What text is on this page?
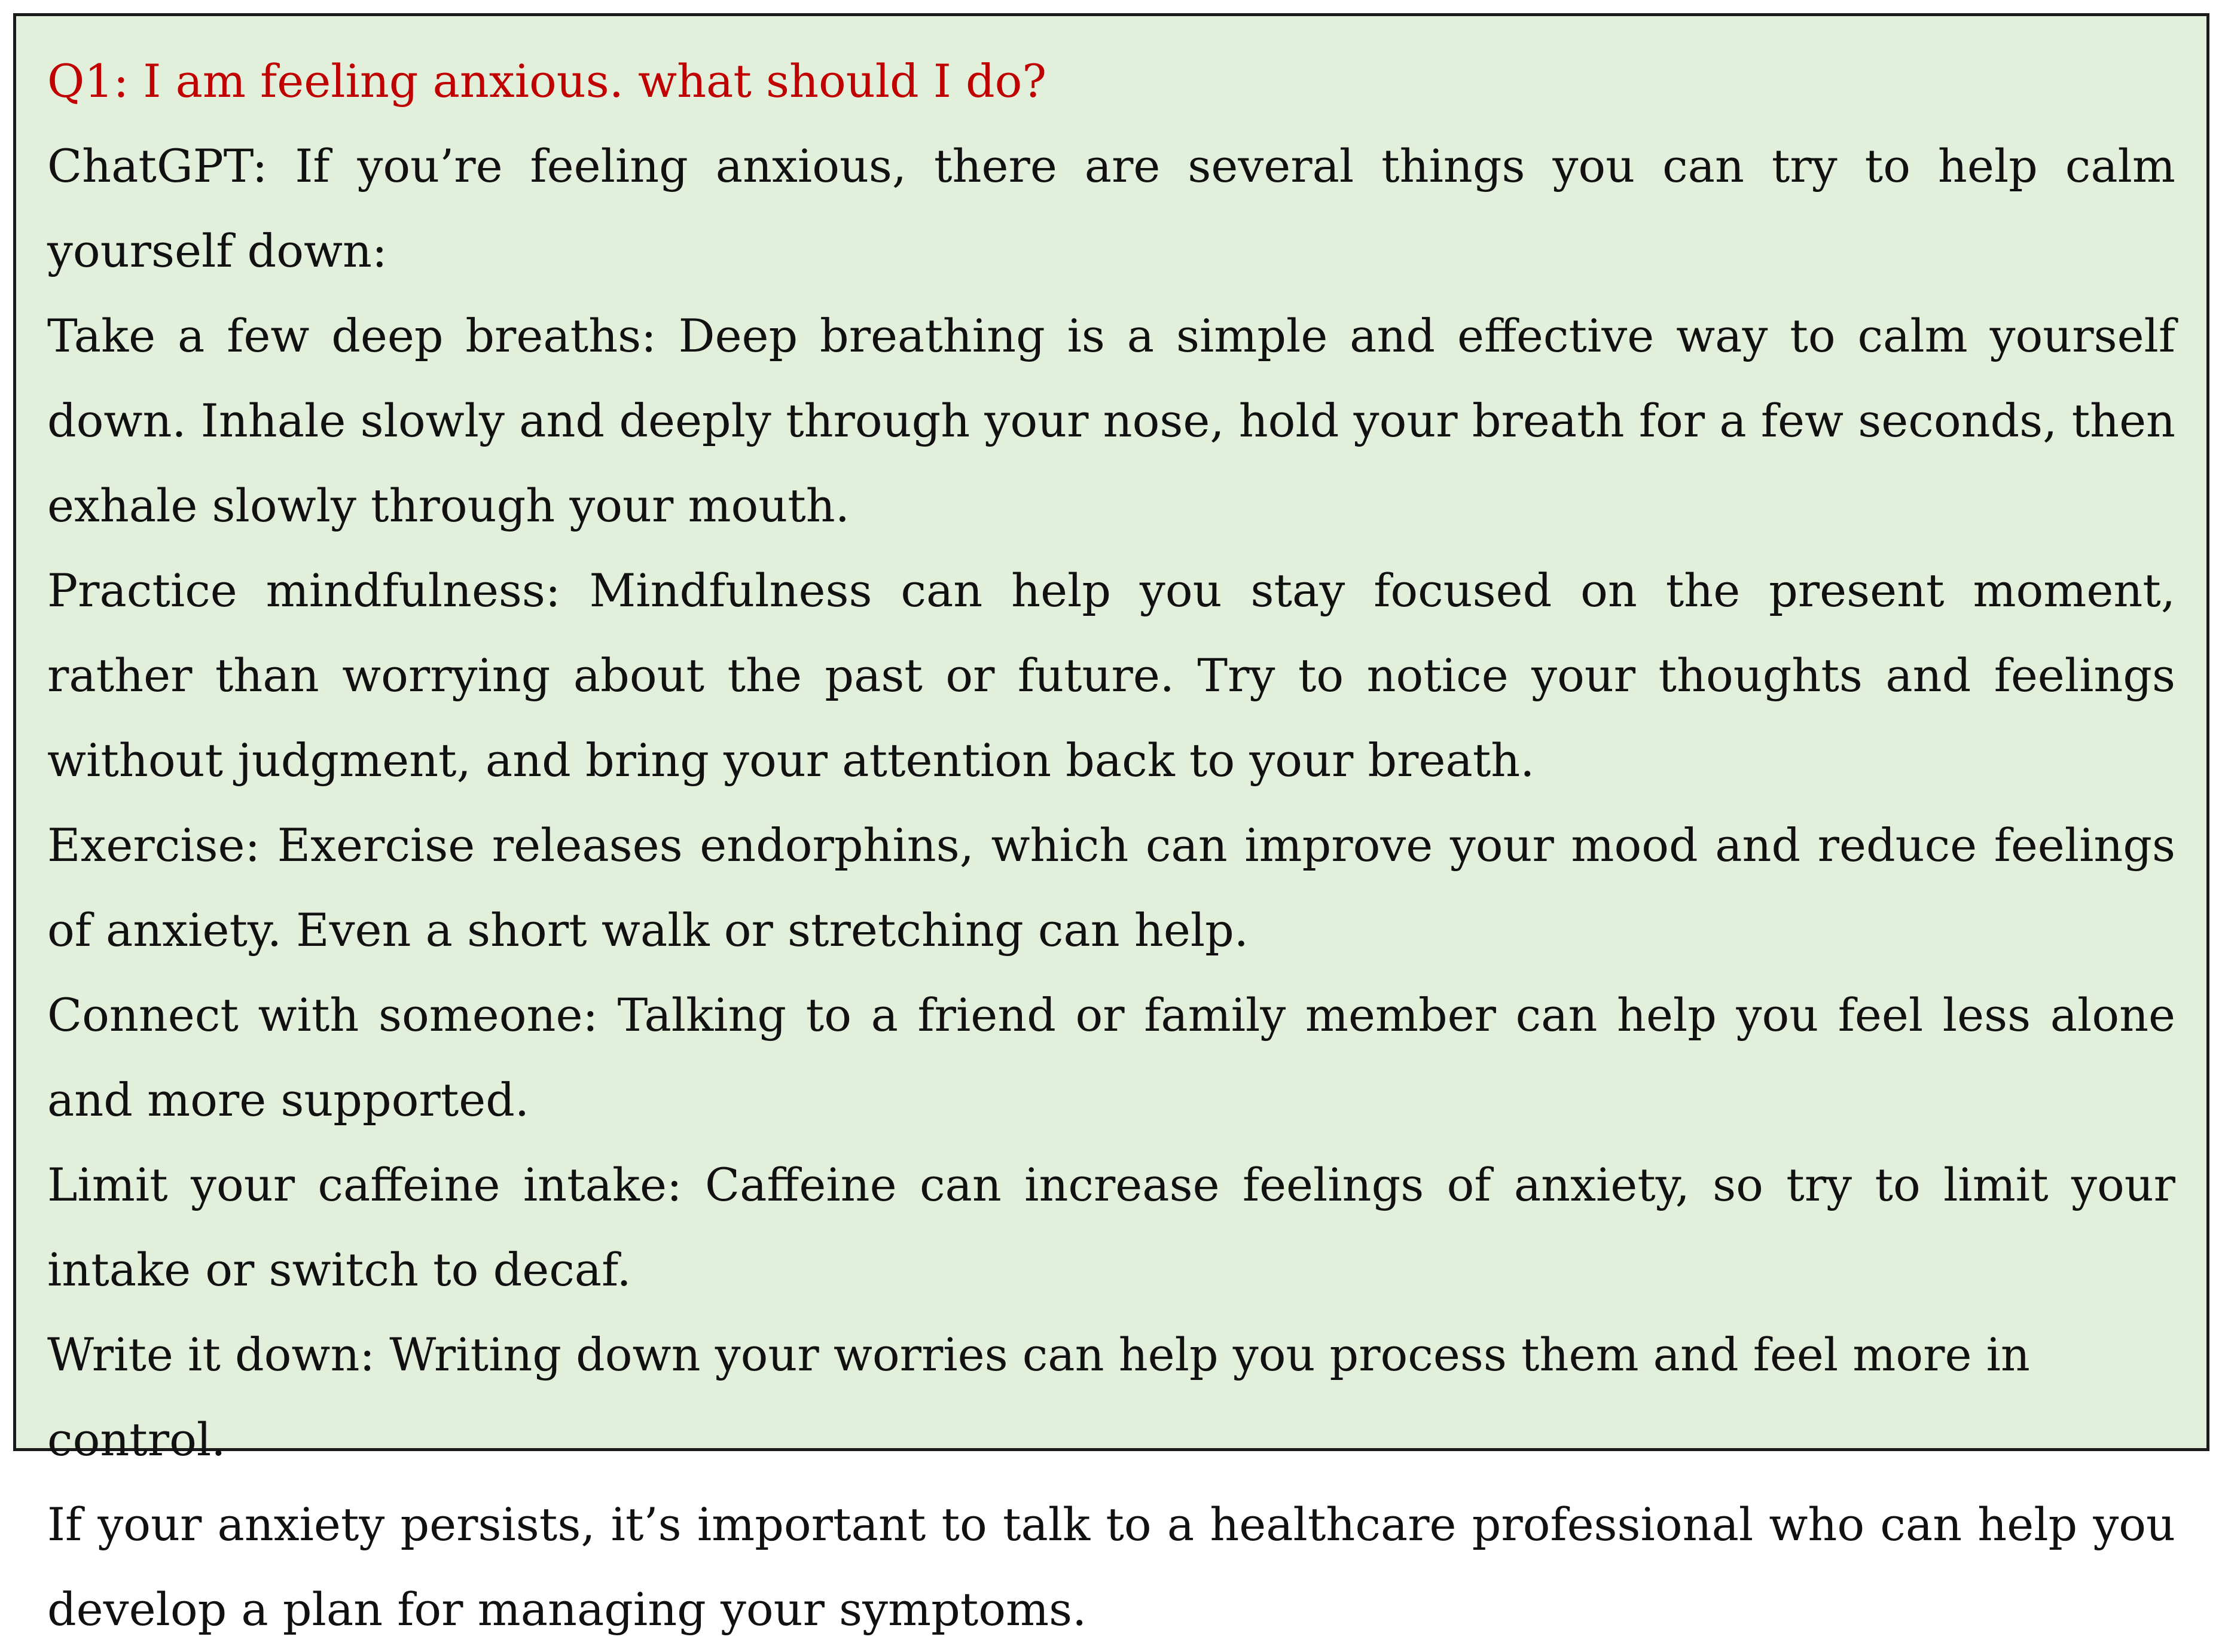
Q1: I am feeling anxious. what should I do?

ChatGPT: If you’re feeling anxious, there are several things you can try to help calm yourself down:

Take a few deep breaths: Deep breathing is a simple and effective way to calm yourself down. Inhale slowly and deeply through your nose, hold your breath for a few seconds, then exhale slowly through your mouth.

Practice mindfulness: Mindfulness can help you stay focused on the present moment, rather than worrying about the past or future. Try to notice your thoughts and feelings without judgment, and bring your attention back to your breath.

Exercise: Exercise releases endorphins, which can improve your mood and reduce feelings of anxiety. Even a short walk or stretching can help.

Connect with someone: Talking to a friend or family member can help you feel less alone and more supported.

Limit your caffeine intake: Caffeine can increase feelings of anxiety, so try to limit your intake or switch to decaf.

Write it down: Writing down your worries can help you process them and feel more in control.

If your anxiety persists, it’s important to talk to a healthcare professional who can help you develop a plan for managing your symptoms.
